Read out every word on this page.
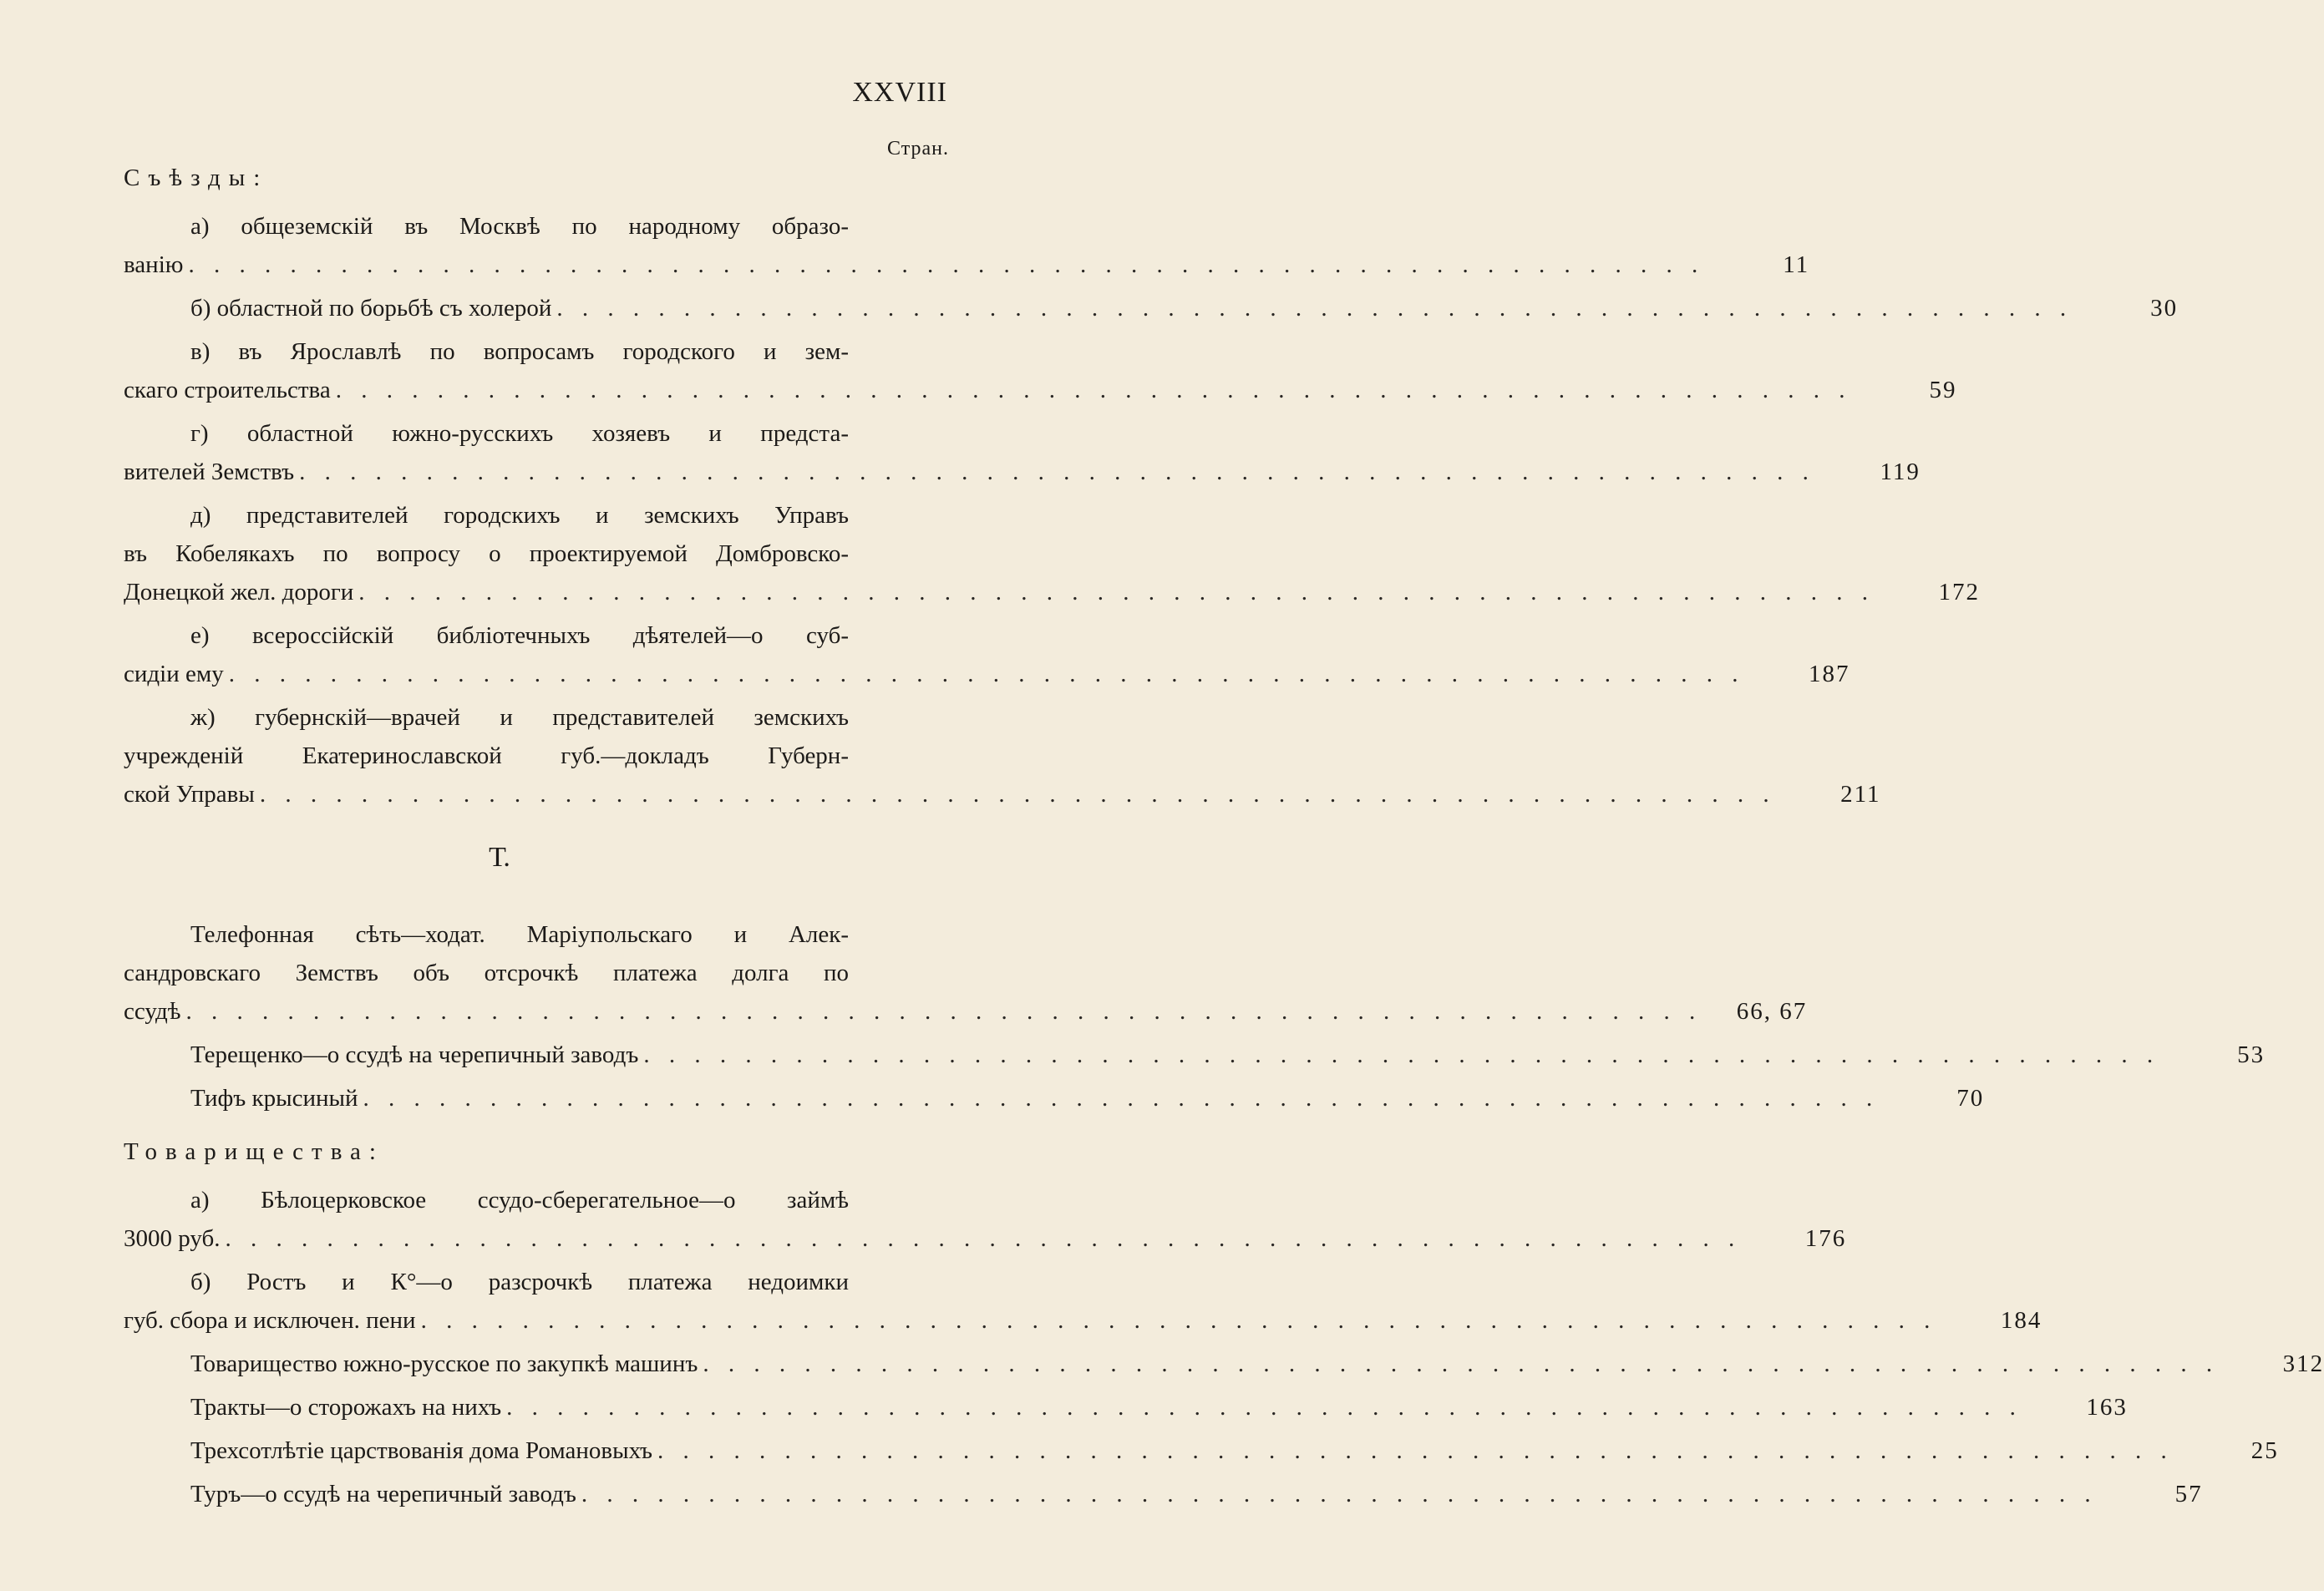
XXVIII
Стран.
Съѣзды:
а) общеземскій въ Москвѣ по народному образо-
ванію . . . . . . . . . . . . . . . . . . . . . . . . . . . . . . . . . . . . . . . . . . . . . . . . . . . . . . . . . . . .	11
б) областной по борьбѣ съ холерой . . . . . . . . . . . . . . . . . . . . . . . . . . . . . . . . . . . . . . . . . . . . . . . . . . . . . . . . . . . .	30
в) въ Ярославлѣ по вопросамъ городского и зем-
скаго строительства . . . . . . . . . . . . . . . . . . . . . . . . . . . . . . . . . . . . . . . . . . . . . . . . . . . . . . . . . . . .	59
г) областной южно-русскихъ хозяевъ и предста-
вителей Земствъ . . . . . . . . . . . . . . . . . . . . . . . . . . . . . . . . . . . . . . . . . . . . . . . . . . . . . . . . . . . .	119
д) представителей городскихъ и земскихъ Управъ
въ Кобелякахъ по вопросу о проектируемой Домбровско-
Донецкой жел. дороги . . . . . . . . . . . . . . . . . . . . . . . . . . . . . . . . . . . . . . . . . . . . . . . . . . . . . . . . . . . .	172
е) всероссійскій библіотечныхъ дѣятелей—о суб-
сидіи ему . . . . . . . . . . . . . . . . . . . . . . . . . . . . . . . . . . . . . . . . . . . . . . . . . . . . . . . . . . . .	187
ж) губернскій—врачей и представителей земскихъ
учрежденій Екатеринославской губ.—докладъ Губерн-
ской Управы . . . . . . . . . . . . . . . . . . . . . . . . . . . . . . . . . . . . . . . . . . . . . . . . . . . . . . . . . . . .	211
Т.
Телефонная сѣть—ходат. Маріупольскаго и Алек-
сандровскаго Земствъ объ отсрочкѣ платежа долга по
ссудѣ . . . . . . . . . . . . . . . . . . . . . . . . . . . . . . . . . . . . . . . . . . . . . . . . . . . . . . . . . . . .	66, 67
Терещенко—о ссудѣ на черепичный заводъ . . . . . . . . . . . . . . . . . . . . . . . . . . . . . . . . . . . . . . . . . . . . . . . . . . . . . . . . . . . .	53
Тифъ крысиный . . . . . . . . . . . . . . . . . . . . . . . . . . . . . . . . . . . . . . . . . . . . . . . . . . . . . . . . . . . .	70
Товарищества:
а) Бѣлоцерковское ссудо-сберегательное—о займѣ
3000 руб. . . . . . . . . . . . . . . . . . . . . . . . . . . . . . . . . . . . . . . . . . . . . . . . . . . . . . . . . . . . .	176
б) Ростъ и К°—о разсрочкѣ платежа недоимки
губ. сбора и исключен. пени . . . . . . . . . . . . . . . . . . . . . . . . . . . . . . . . . . . . . . . . . . . . . . . . . . . . . . . . . . . .	184
Товарищество южно-русское по закупкѣ машинъ . . . . . . . . . . . . . . . . . . . . . . . . . . . . . . . . . . . . . . . . . . . . . . . . . . . . . . . . . . . .	312
Тракты—о сторожахъ на нихъ . . . . . . . . . . . . . . . . . . . . . . . . . . . . . . . . . . . . . . . . . . . . . . . . . . . . . . . . . . . .	163
Трехсотлѣтіе царствованія дома Романовыхъ . . . . . . . . . . . . . . . . . . . . . . . . . . . . . . . . . . . . . . . . . . . . . . . . . . . . . . . . . . . .	25
Туръ—о ссудѣ на черепичный заводъ . . . . . . . . . . . . . . . . . . . . . . . . . . . . . . . . . . . . . . . . . . . . . . . . . . . . . . . . . . . .	57
